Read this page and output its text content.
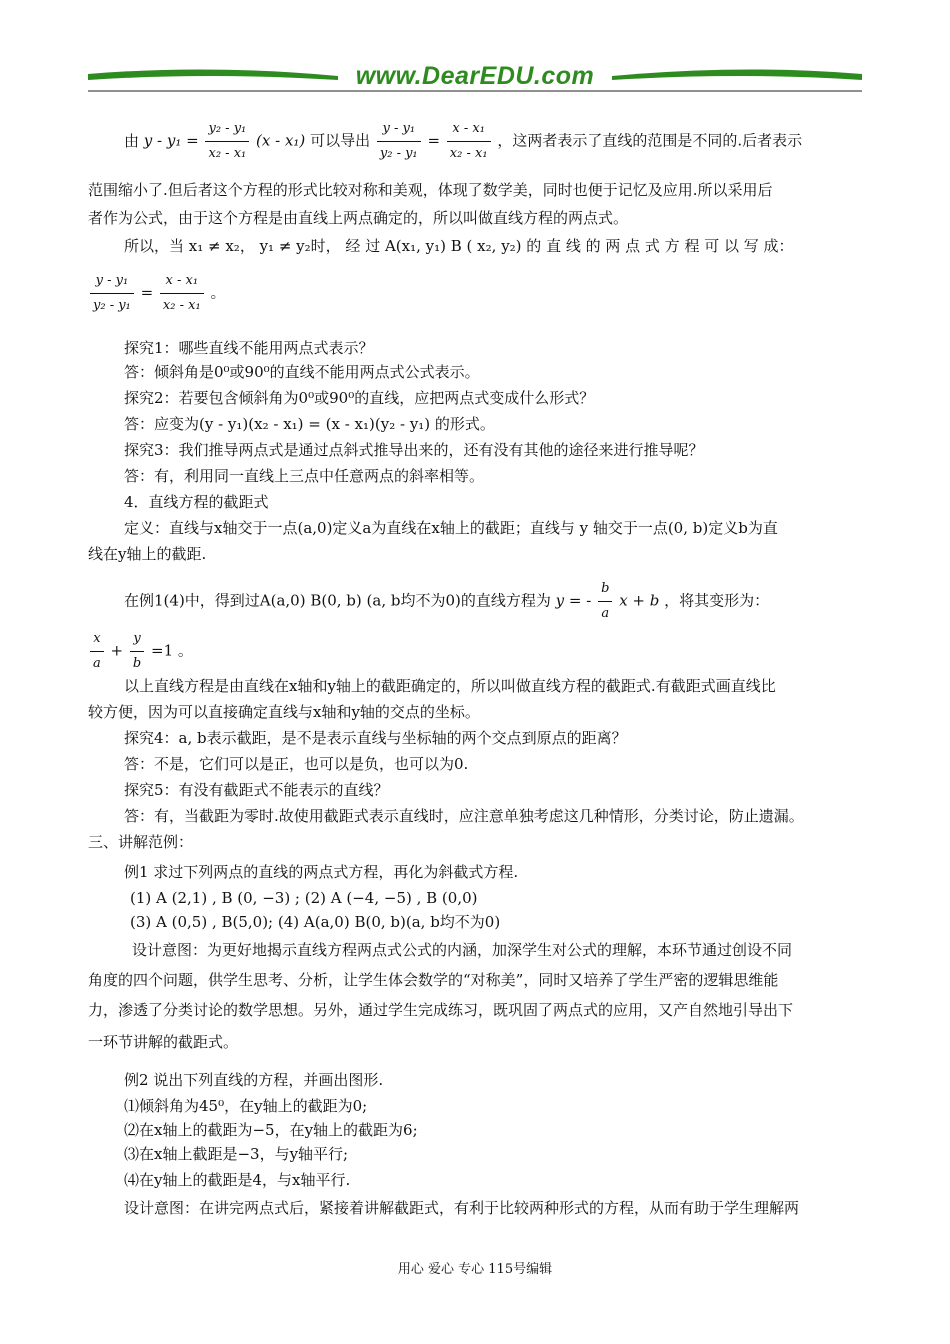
www.DearEDU.com
由 $y - y_1 = \frac{\text{y₂ - y₁}}{\text{x₂ - x₁}} (x - x_1)$ 可以导出 $\frac{\text{y - y₁}}{\text{y₂ - y₁}} = \frac{\text{x - x₁}}{\text{x₂ - x₁}}$ ，这两者表示了直线的范围是不同的.后者表示
范围缩小了.但后者这个方程的形式比较对称和美观，体现了数学美，同时也便于记忆及应用.所以采用后
者作为公式，由于这个方程是由直线上两点确定的，所以叫做直线方程的两点式。
所以，当 x₁ ≠ x₂， y₁ ≠ y₂时， 经 过 A(x₁, y₁) B ( x₂, y₂) 的 直 线 的 两 点 式 方 程 可 以 写 成：
$\frac{\text{y - y₁}}{\text{y₂ - y₁}} = \frac{\text{x - x₁}}{\text{x₂ - x₁}}$ 。
探究1：哪些直线不能用两点式表示？
答：倾斜角是0⁰或90⁰的直线不能用两点式公式表示。
探究2：若要包含倾斜角为0⁰或90⁰的直线，应把两点式变成什么形式？
答：应变为(y - y₁)(x₂ - x₁) = (x - x₁)(y₂ - y₁) 的形式。
探究3：我们推导两点式是通过点斜式推导出来的，还有没有其他的途径来进行推导呢？
答：有，利用同一直线上三点中任意两点的斜率相等。
4．直线方程的截距式
定义：直线与x轴交于一点(a,0)定义a为直线在x轴上的截距；直线与 y 轴交于一点(0, b)定义b为直
线在y轴上的截距.
在例1(4)中，得到过A(a,0) B(0, b) (a, b均不为0)的直线方程为 y = - $\frac{b}{a}$ x + b ，将其变形为：
$\frac{x}{a} + \frac{y}{b} =1$ 。
以上直线方程是由直线在x轴和y轴上的截距确定的，所以叫做直线方程的截距式.有截距式画直线比
较方便，因为可以直接确定直线与x轴和y轴的交点的坐标。
探究4：a, b表示截距，是不是表示直线与坐标轴的两个交点到原点的距离？
答：不是，它们可以是正，也可以是负，也可以为0.
探究5：有没有截距式不能表示的直线？
答：有，当截距为零时.故使用截距式表示直线时，应注意单独考虑这几种情形，分类讨论，防止遗漏。
三、讲解范例：
例1 求过下列两点的直线的两点式方程，再化为斜截式方程.
(1) A (2,1) , B (0, −3) ; (2) A (−4, −5) , B (0,0)
(3) A (0,5) , B(5,0); (4) A(a,0) B(0, b)(a, b均不为0)
设计意图：为更好地揭示直线方程两点式公式的内涵，加深学生对公式的理解，本环节通过创设不同
角度的四个问题，供学生思考、分析，让学生体会数学的“对称美”，同时又培养了学生严密的逻辑思维能
力，渗透了分类讨论的数学思想。另外，通过学生完成练习，既巩固了两点式的应用，又产自然地引导出下
一环节讲解的截距式。
例2 说出下列直线的方程，并画出图形.
⑴倾斜角为45⁰，在y轴上的截距为0;
⑵在x轴上的截距为−5，在y轴上的截距为6;
⑶在x轴上截距是−3，与y轴平行;
⑷在y轴上的截距是4，与x轴平行.
设计意图：在讲完两点式后，紧接着讲解截距式，有利于比较两种形式的方程，从而有助于学生理解两
用心 爱心 专心 115号编辑
